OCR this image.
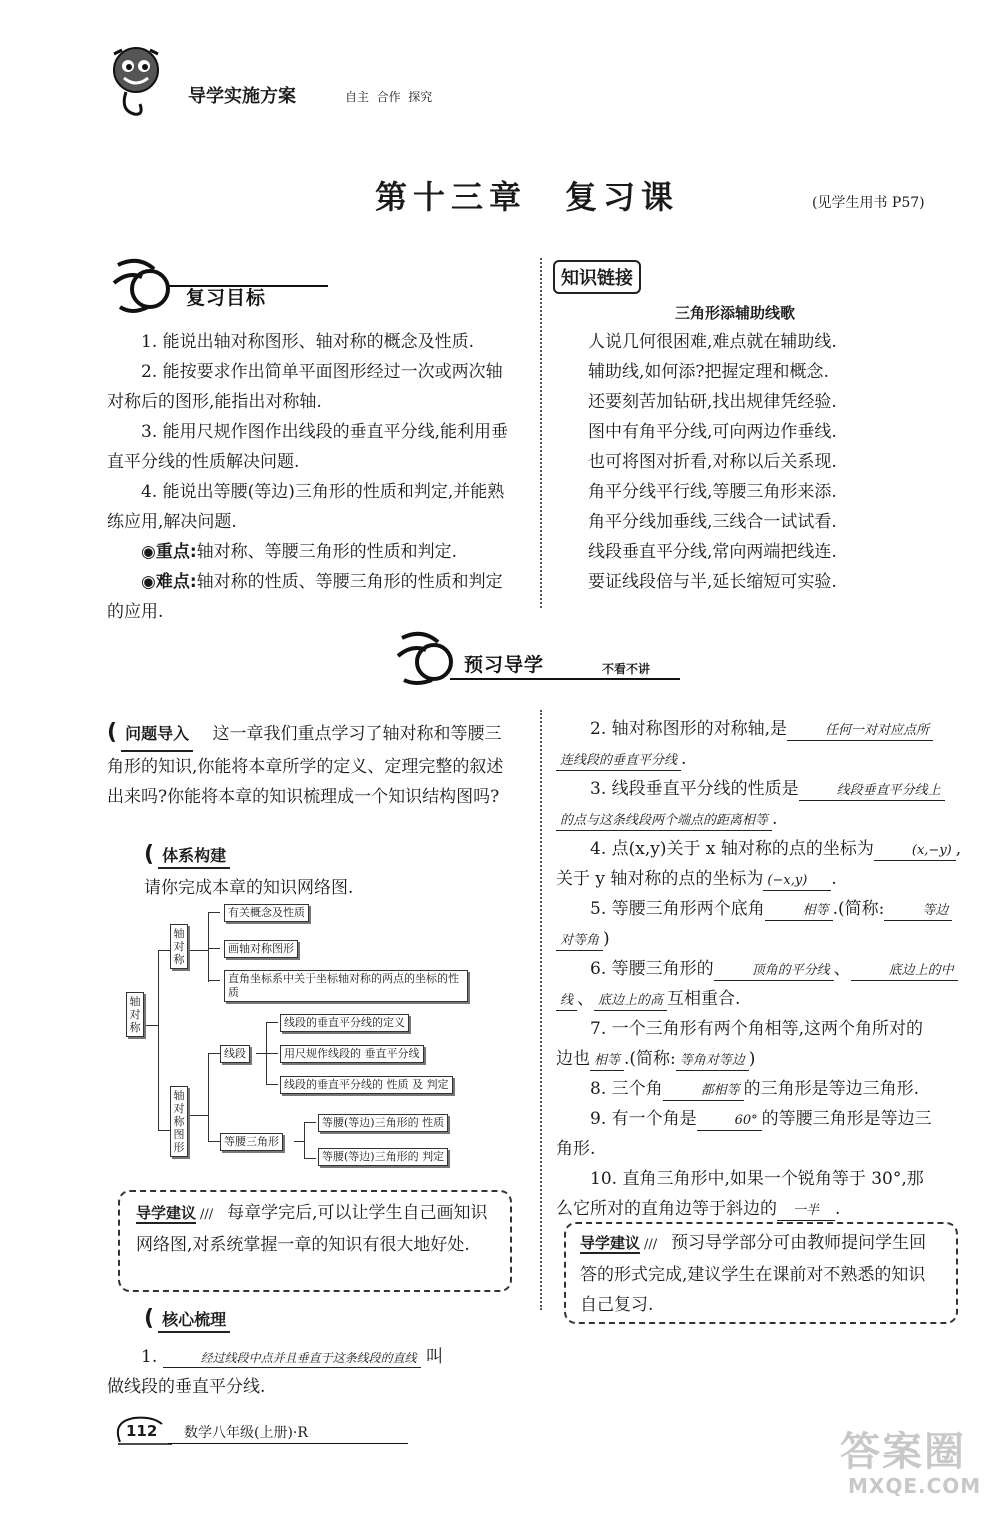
导学实施方案	自主  合作  探究
第十三章　复习课	(见学生用书 P57)
复习目标

1. 能说出轴对称图形、轴对称的概念及性质.

2. 能按要求作出简单平面图形经过一次或两次轴对称后的图形,能指出对称轴.

3. 能用尺规作图作出线段的垂直平分线,能利用垂直平分线的性质解决问题.

4. 能说出等腰(等边)三角形的性质和判定,并能熟练应用,解决问题.

◉重点:轴对称、等腰三角形的性质和判定.

◉难点:轴对称的性质、等腰三角形的性质和判定的应用.

知识链接
三角形添辅助线歌

人说几何很困难,难点就在辅助线.

辅助线,如何添?把握定理和概念.

还要刻苦加钻研,找出规律凭经验.

图中有角平分线,可向两边作垂线.

也可将图对折看,对称以后关系现.

角平分线平行线,等腰三角形来添.

角平分线加垂线,三线合一试试看.

线段垂直平分线,常向两端把线连.

要证线段倍与半,延长缩短可实验.

预习导学	不看不讲

( 问题导入 这一章我们重点学习了轴对称和等腰三角形的知识,你能将本章所学的定义、定理完整的叙述出来吗?你能将本章的知识梳理成一个知识结构图吗?

( 体系构建
请你完成本章的知识网络图.
轴对称
轴对称
有关概念及性质
画轴对称图形
直角坐标系中关于坐标轴对称的两点的坐标的性质
轴对称图形
线段
线段的垂直平分线的定义
用尺规作线段的 垂直平分线
线段的垂直平分线的 性质 及 判定
等腰三角形
等腰(等边)三角形的 性质
等腰(等边)三角形的 判定

导学建议 /// 每章学完后,可以让学生自己画知识网络图,对系统掌握一章的知识有很大地好处.

( 核心梳理

1.	经过线段中点并且垂直于这条线段的直线 叫

做线段的垂直平分线.

2. 轴对称图形的对称轴,是	任何一对对应点所

连线段的垂直平分线 .

3. 线段垂直平分线的性质是	线段垂直平分线上

的点与这条线段两个端点的距离相等 .

4. 点(x,y)关于 x 轴对称的点的坐标为	(x,−y) ,

关于 y 轴对称的点的坐标为 (−x,y) .

5. 等腰三角形两个底角	相等 .(简称:	等边

对等角 )

6. 等腰三角形的	顶角的平分线 、	底边上的中

线 、 底边上的高 互相重合.

7. 一个三角形有两个角相等,这两个角所对的

边也 相等 .(简称: 等角对等边 )

8. 三个角	都相等 的三角形是等边三角形.

9. 有一个角是	60° 的等腰三角形是等边三

角形.

10. 直角三角形中,如果一个锐角等于 30°,那

么它所对的直角边等于斜边的 一半 .

导学建议 /// 预习导学部分可由教师提问学生回答的形式完成,建议学生在课前对不熟悉的知识自己复习.

112 数学八年级(上册)·R	答案圈
MXQE.COM
